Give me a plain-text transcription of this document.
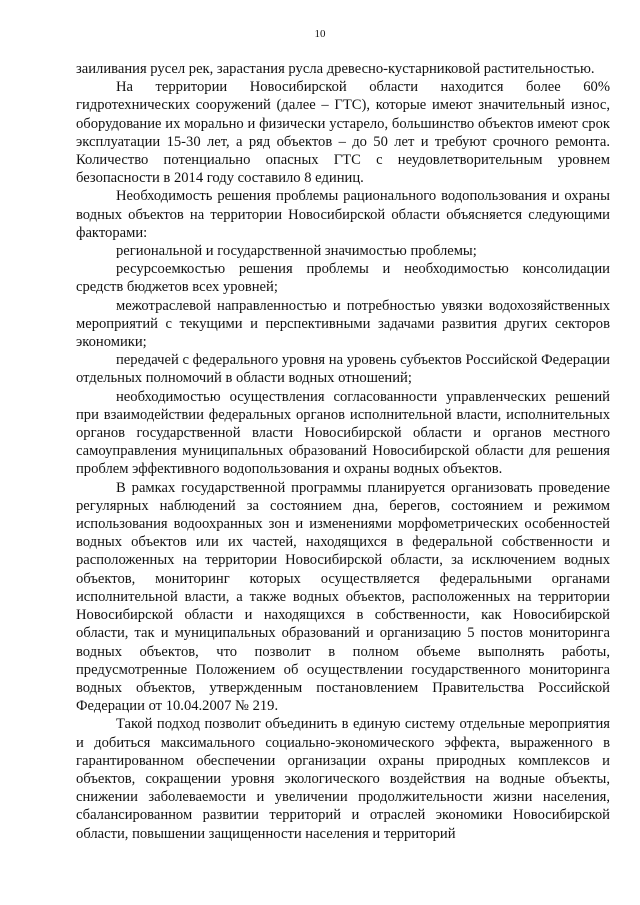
10

заиливания русел рек, зарастания русла древесно-кустарниковой растительностью.

На территории Новосибирской области находится более 60% гидротехнических сооружений (далее – ГТС), которые имеют значительный износ, оборудование их морально и физически устарело, большинство объектов имеют срок эксплуатации 15-30 лет, а ряд объектов – до 50 лет и требуют срочного ремонта. Количество потенциально опасных ГТС с неудовлетворительным уровнем безопасности в 2014 году составило 8 единиц.

Необходимость решения проблемы рационального водопользования и охраны водных объектов на территории Новосибирской области объясняется следующими факторами:

региональной и государственной значимостью проблемы;

ресурсоемкостью решения проблемы и необходимостью консолидации средств бюджетов всех уровней;

межотраслевой направленностью и потребностью увязки водохозяйственных мероприятий с текущими и перспективными задачами развития других секторов экономики;

передачей с федерального уровня на уровень субъектов Российской Федерации отдельных полномочий в области водных отношений;

необходимостью осуществления согласованности управленческих решений при взаимодействии федеральных органов исполнительной власти, исполнительных органов государственной власти Новосибирской области и органов местного самоуправления муниципальных образований Новосибирской области для решения проблем эффективного водопользования и охраны водных объектов.

В рамках государственной программы планируется организовать проведение регулярных наблюдений за состоянием дна, берегов, состоянием и режимом использования водоохранных зон и изменениями морфометрических особенностей водных объектов или их частей, находящихся в федеральной собственности и расположенных на территории Новосибирской области, за исключением водных объектов, мониторинг которых осуществляется федеральными органами исполнительной власти, а также водных объектов, расположенных на территории Новосибирской области и находящихся в собственности, как Новосибирской области, так и муниципальных образований и организацию 5 постов мониторинга водных объектов, что позволит в полном объеме выполнять работы, предусмотренные Положением об осуществлении государственного мониторинга водных объектов, утвержденным постановлением Правительства Российской Федерации от 10.04.2007 № 219.

Такой подход позволит объединить в единую систему отдельные мероприятия и добиться максимального социально-экономического эффекта, выраженного в гарантированном обеспечении организации охраны природных комплексов и объектов, сокращении уровня экологического воздействия на водные объекты, снижении заболеваемости и увеличении продолжительности жизни населения, сбалансированном развитии территорий и отраслей экономики Новосибирской области, повышении защищенности населения и территорий
